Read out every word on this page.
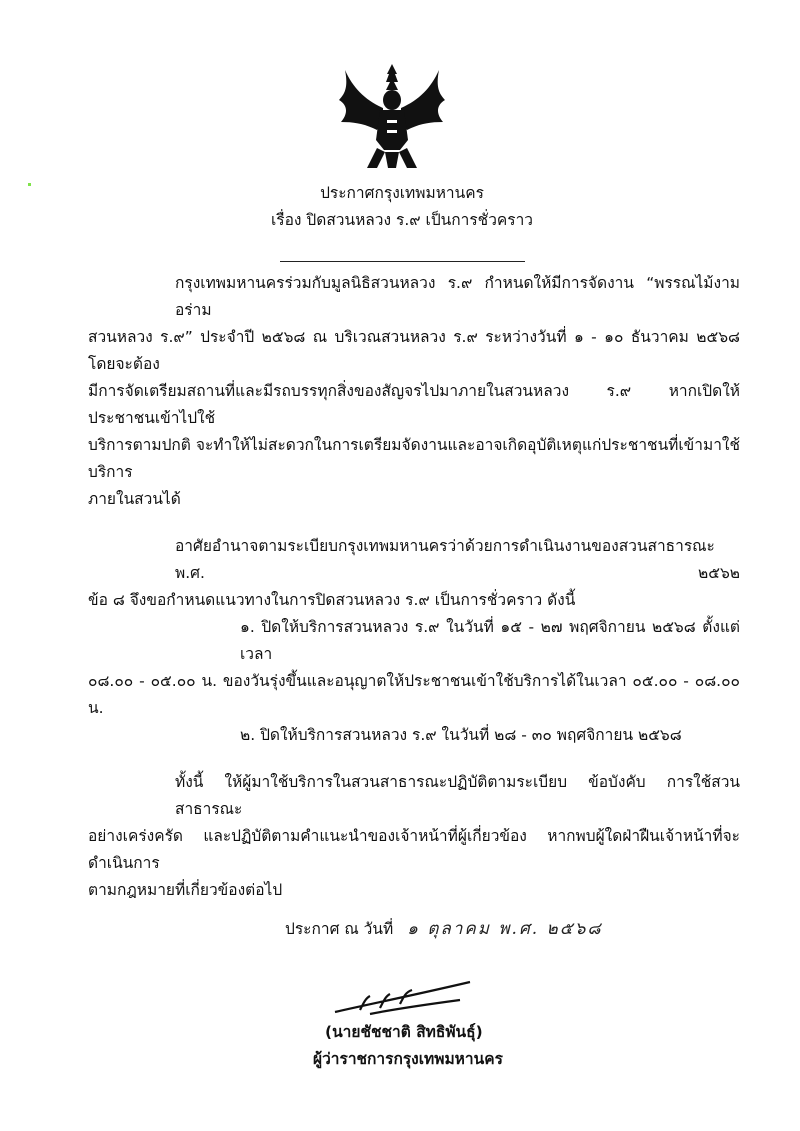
ประกาศกรุงเทพมหานคร
เรื่อง ปิดสวนหลวง ร.๙ เป็นการชั่วคราว
กรุงเทพมหานครร่วมกับมูลนิธิสวนหลวง ร.๙ กำหนดให้มีการจัดงาน “พรรณไม้งามอร่าม
สวนหลวง ร.๙” ประจำปี ๒๕๖๘ ณ บริเวณสวนหลวง ร.๙ ระหว่างวันที่ ๑ - ๑๐ ธันวาคม ๒๕๖๘ โดยจะต้อง
มีการจัดเตรียมสถานที่และมีรถบรรทุกสิ่งของสัญจรไปมาภายในสวนหลวง ร.๙ หากเปิดให้ประชาชนเข้าไปใช้
บริการตามปกติ จะทำให้ไม่สะดวกในการเตรียมจัดงานและอาจเกิดอุบัติเหตุแก่ประชาชนที่เข้ามาใช้บริการ
ภายในสวนได้
อาศัยอำนาจตามระเบียบกรุงเทพมหานครว่าด้วยการดำเนินงานของสวนสาธารณะ พ.ศ. ๒๕๖๒
ข้อ ๘ จึงขอกำหนดแนวทางในการปิดสวนหลวง ร.๙ เป็นการชั่วคราว ดังนี้
๑. ปิดให้บริการสวนหลวง ร.๙ ในวันที่ ๑๕ - ๒๗ พฤศจิกายน ๒๕๖๘ ตั้งแต่เวลา
๐๘.๐๐ - ๐๕.๐๐ น. ของวันรุ่งขึ้นและอนุญาตให้ประชาชนเข้าใช้บริการได้ในเวลา ๐๕.๐๐ - ๐๘.๐๐ น.
๒. ปิดให้บริการสวนหลวง ร.๙ ในวันที่ ๒๘ - ๓๐ พฤศจิกายน ๒๕๖๘
ทั้งนี้ ให้ผู้มาใช้บริการในสวนสาธารณะปฏิบัติตามระเบียบ ข้อบังคับ การใช้สวนสาธารณะ
อย่างเคร่งครัด และปฏิบัติตามคำแนะนำของเจ้าหน้าที่ผู้เกี่ยวข้อง หากพบผู้ใดฝ่าฝืนเจ้าหน้าที่จะดำเนินการ
ตามกฎหมายที่เกี่ยวข้องต่อไป
ประกาศ ณ วันที่ ๑ ตุลาคม พ.ศ. ๒๕๖๘
(นายชัชชาติ สิทธิพันธุ์)
ผู้ว่าราชการกรุงเทพมหานคร
